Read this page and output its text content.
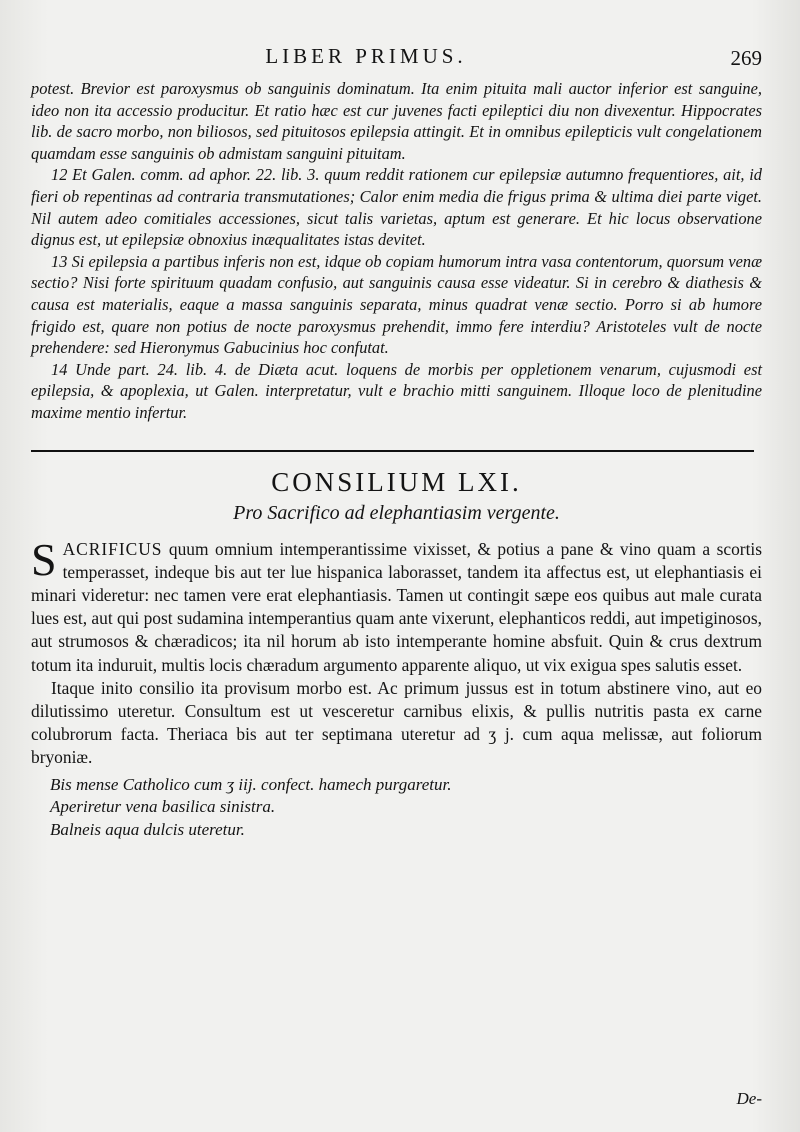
LIBER PRIMUS.	269

potest. Brevior est paroxysmus ob sanguinis dominatum. Ita enim pituita mali auctor inferior est sanguine, ideo non ita accessio producitur. Et ratio hæc est cur juvenes facti epileptici diu non divexentur. Hippocrates lib. de sacro morbo, non biliosos, sed pituitosos epilepsia attingit. Et in omnibus epilepticis vult congelationem quamdam esse sanguinis ob admistam sanguini pituitam.

12 Et Galen. comm. ad aphor. 22. lib. 3. quum reddit rationem cur epilepsiæ autumno frequentiores, ait, id fieri ob repentinas ad contraria transmutationes; Calor enim media die frigus prima & ultima diei parte viget. Nil autem adeo comitiales accessiones, sicut talis varietas, aptum est generare. Et hic locus observatione dignus est, ut epilepsiæ obnoxius inæqualitates istas devitet.

13 Si epilepsia a partibus inferis non est, idque ob copiam humorum intra vasa contentorum, quorsum venæ sectio? Nisi forte spirituum quadam confusio, aut sanguinis causa esse videatur. Si in cerebro & diathesis & causa est materialis, eaque a massa sanguinis separata, minus quadrat venæ sectio. Porro si ab humore frigido est, quare non potius de nocte paroxysmus prehendit, immo fere interdiu? Aristoteles vult de nocte prehendere: sed Hieronymus Gabucinius hoc confutat.

14 Unde part. 24. lib. 4. de Diæta acut. loquens de morbis per oppletionem venarum, cujusmodi est epilepsia, & apoplexia, ut Galen. interpretatur, vult e brachio mitti sanguinem. Illoque loco de plenitudine maxime mentio infertur.

CONSILIUM LXI.
Pro Sacrifico ad elephantiasim vergente.

SACRIFICUS quum omnium intemperantissime vixisset, & potius a pane & vino quam a scortis temperasset, indeque bis aut ter lue hispanica laborasset, tandem ita affectus est, ut elephantiasis ei minari videretur: nec tamen vere erat elephantiasis. Tamen ut contingit sæpe eos quibus aut male curata lues est, aut qui post sudamina intemperantius quam ante vixerunt, elephanticos reddi, aut impetiginosos, aut strumosos & chæradicos; ita nil horum ab isto intemperante homine absfuit. Quin & crus dextrum totum ita induruit, multis locis chæradum argumento apparente aliquo, ut vix exigua spes salutis esset.

Itaque inito consilio ita provisum morbo est. Ac primum jussus est in totum abstinere vino, aut eo dilutissimo uteretur. Consultum est ut vesceretur carnibus elixis, & pullis nutritis pasta ex carne colubrorum facta. Theriaca bis aut ter septimana uteretur ad ʒ j. cum aqua melissæ, aut foliorum bryoniæ.

Bis mense Catholico cum ʒ iij. confect. hamech purgaretur.
Aperiretur vena basilica sinistra.
Balneis aqua dulcis uteretur.
De-
